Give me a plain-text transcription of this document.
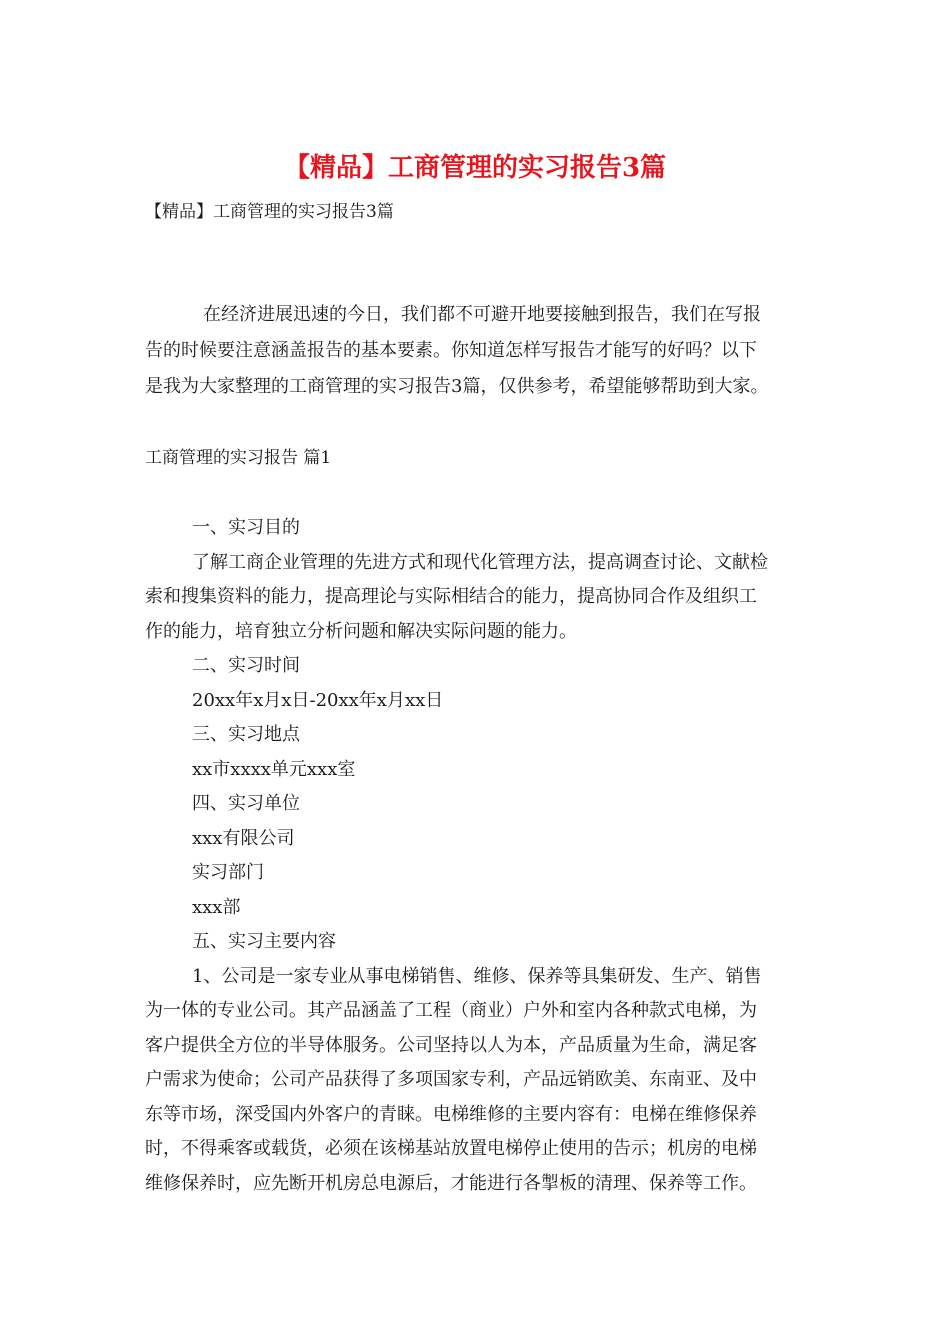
【精品】工商管理的实习报告3篇
【精品】工商管理的实习报告3篇
在经济进展迅速的今日，我们都不可避开地要接触到报告，我们在写报
告的时候要注意涵盖报告的基本要素。你知道怎样写报告才能写的好吗？以下
是我为大家整理的工商管理的实习报告3篇，仅供参考，希望能够帮助到大家。
工商管理的实习报告 篇1
一、实习目的
了解工商企业管理的先进方式和现代化管理方法，提高调查讨论、文献检
索和搜集资料的能力，提高理论与实际相结合的能力，提高协同合作及组织工
作的能力，培育独立分析问题和解决实际问题的能力。
二、实习时间
20xx年x月x日-20xx年x月xx日
三、实习地点
xx市xxxx单元xxx室
四、实习单位
xxx有限公司
实习部门
xxx部
五、实习主要内容
1、公司是一家专业从事电梯销售、维修、保养等具集研发、生产、销售
为一体的专业公司。其产品涵盖了工程（商业）户外和室内各种款式电梯，为
客户提供全方位的半导体服务。公司坚持以人为本，产品质量为生命，满足客
户需求为使命；公司产品获得了多项国家专利，产品远销欧美、东南亚、及中
东等市场，深受国内外客户的青睐。电梯维修的主要内容有：电梯在维修保养
时，不得乘客或载货，必须在该梯基站放置电梯停止使用的告示；机房的电梯
维修保养时，应先断开机房总电源后，才能进行各掣板的清理、保养等工作。
